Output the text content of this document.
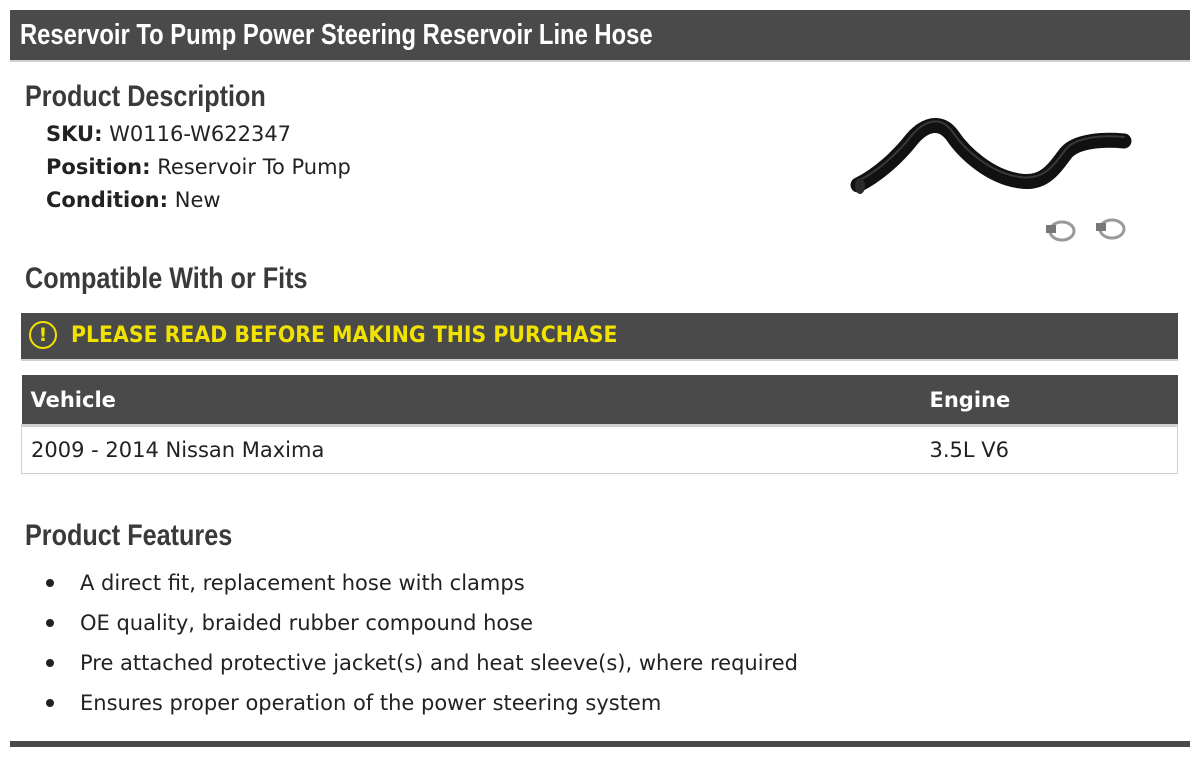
Reservoir To Pump Power Steering Reservoir Line Hose
Product Description
SKU: W0116-W622347
Position: Reservoir To Pump
Condition: New
Compatible With or Fits
!	PLEASE READ BEFORE MAKING THIS PURCHASE
Vehicle	Engine
2009 - 2014 Nissan Maxima	3.5L V6
Product Features
A direct fit, replacement hose with clamps
OE quality, braided rubber compound hose
Pre attached protective jacket(s) and heat sleeve(s), where required
Ensures proper operation of the power steering system
